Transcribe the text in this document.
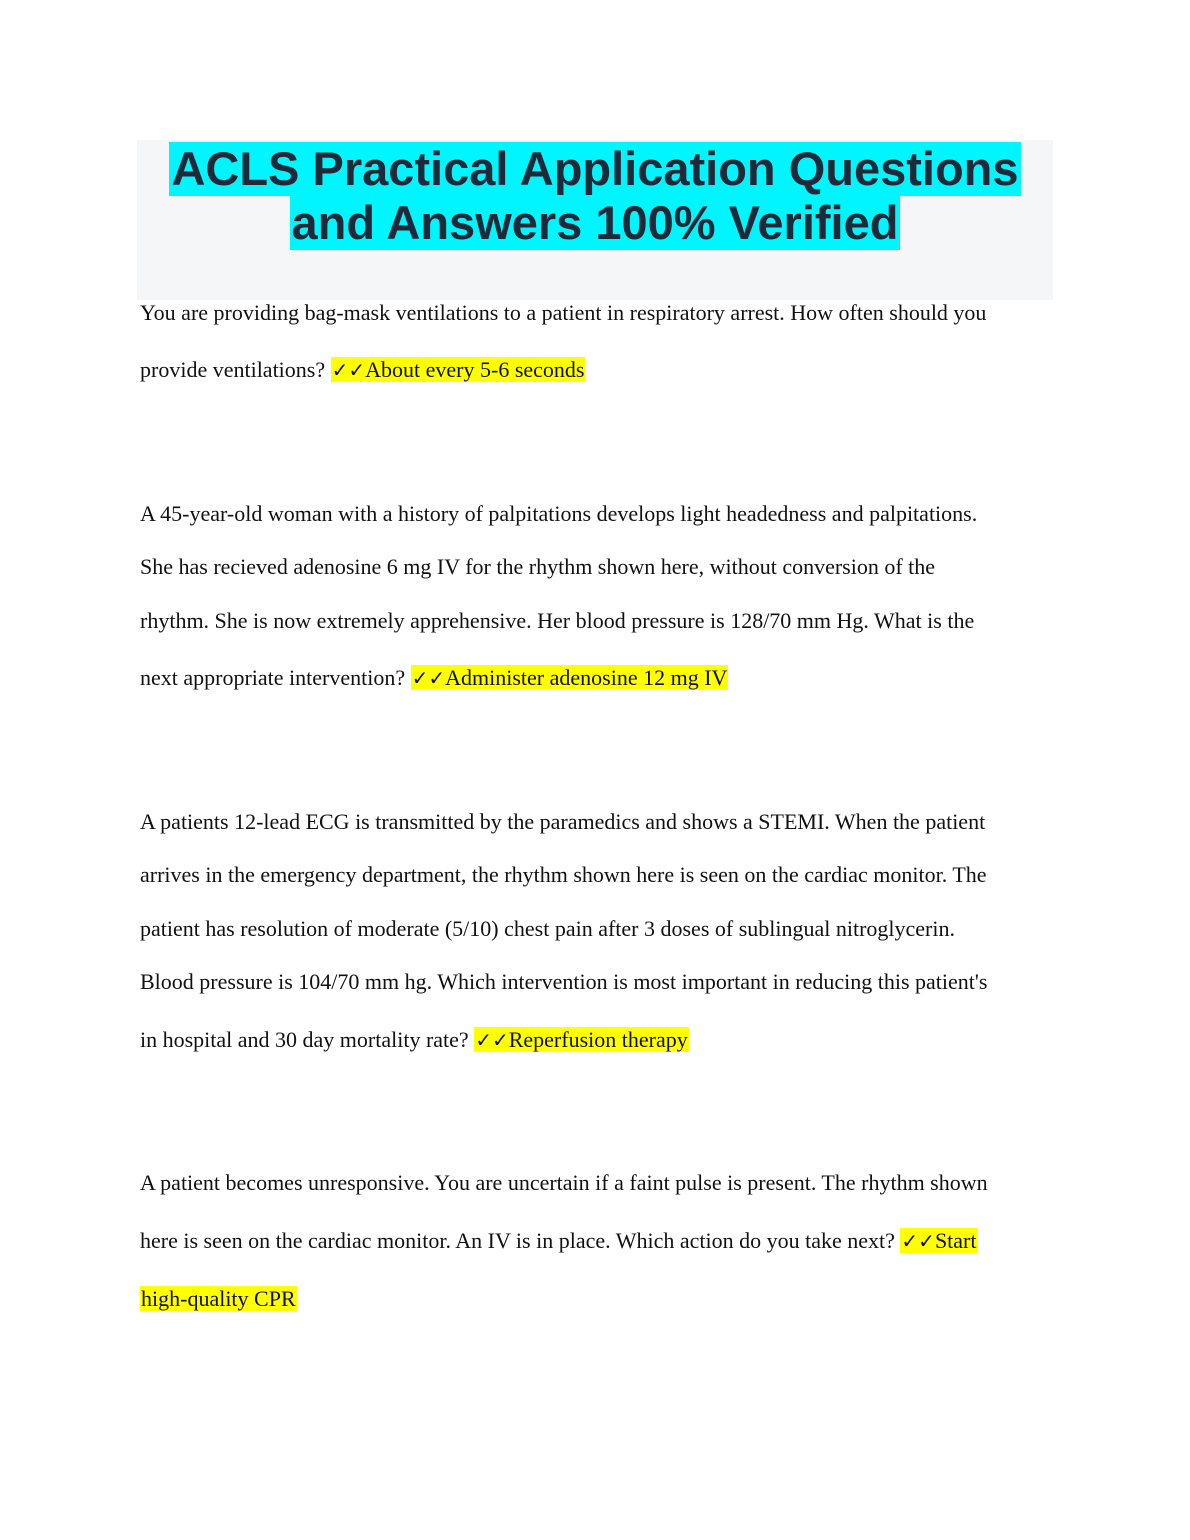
ACLS Practical Application Questions
and Answers 100% Verified
You are providing bag-mask ventilations to a patient in respiratory arrest. How often should you
provide ventilations? ✓✓About every 5-6 seconds
A 45-year-old woman with a history of palpitations develops light headedness and palpitations.
She has recieved adenosine 6 mg IV for the rhythm shown here, without conversion of the
rhythm. She is now extremely apprehensive. Her blood pressure is 128/70 mm Hg. What is the
next appropriate intervention? ✓✓Administer adenosine 12 mg IV
A patients 12-lead ECG is transmitted by the paramedics and shows a STEMI. When the patient
arrives in the emergency department, the rhythm shown here is seen on the cardiac monitor. The
patient has resolution of moderate (5/10) chest pain after 3 doses of sublingual nitroglycerin.
Blood pressure is 104/70 mm hg. Which intervention is most important in reducing this patient's
in hospital and 30 day mortality rate? ✓✓Reperfusion therapy
A patient becomes unresponsive. You are uncertain if a faint pulse is present. The rhythm shown
here is seen on the cardiac monitor. An IV is in place. Which action do you take next? ✓✓Start
high-quality CPR
